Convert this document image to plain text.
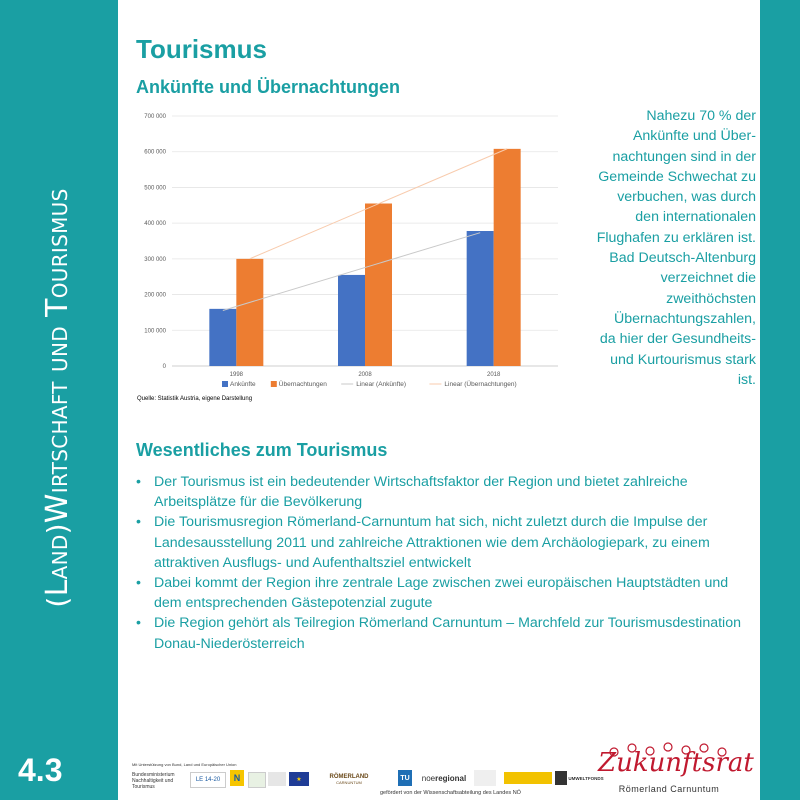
(LAND)WIRTSCHAFT UND TOURISMUS
4.3
Tourismus
Ankünfte und Übernachtungen
0
100 000
200 000
300 000
400 000
500 000
600 000
700 000
1998	2008	2018
Ankünfte	Übernachtungen	Linear (Ankünfte)	Linear (Übernachtungen)
Quelle: Statistik Austria, eigene Darstellung
Nahezu 70 % der
Ankünfte und Über-
nachtungen sind in der
Gemeinde Schwechat zu
verbuchen, was durch
den internationalen
Flughafen zu erklären ist.
Bad Deutsch-Altenburg
verzeichnet die
zweithöchsten
Übernachtungszahlen,
da hier der Gesundheits-
und Kurtourismus stark
ist.
Wesentliches zum Tourismus
• Der Tourismus ist ein bedeutender Wirtschaftsfaktor der Region und bietet zahlreiche Arbeitsplätze für die Bevölkerung
• Die Tourismusregion Römerland-Carnuntum hat sich, nicht zuletzt durch die Impulse der Landesausstellung 2011 und zahlreiche Attraktionen wie dem Archäologiepark, zu einem attraktiven Ausflugs- und Aufenthaltsziel entwickelt
• Dabei kommt der Region ihre zentrale Lage zwischen zwei europäischen Hauptstädten und dem entsprechenden Gästepotenzial zugute
• Die Region gehört als Teilregion Römerland Carnuntum – Marchfeld zur Tourismusdestination Donau-Niederösterreich
Mit Unterstützung von Bund, Land und Europäischer Union
Bundesministerium
Nachhaltigkeit und
Tourismus
LE 14-20	N	★	RÖMERLAND
CARNUNTUM
TU noe regional	UMWELTFONDS
gefördert von der Wissenschaftsabteilung des Landes NÖ
Zukunftsrat
Römerland Carnuntum
